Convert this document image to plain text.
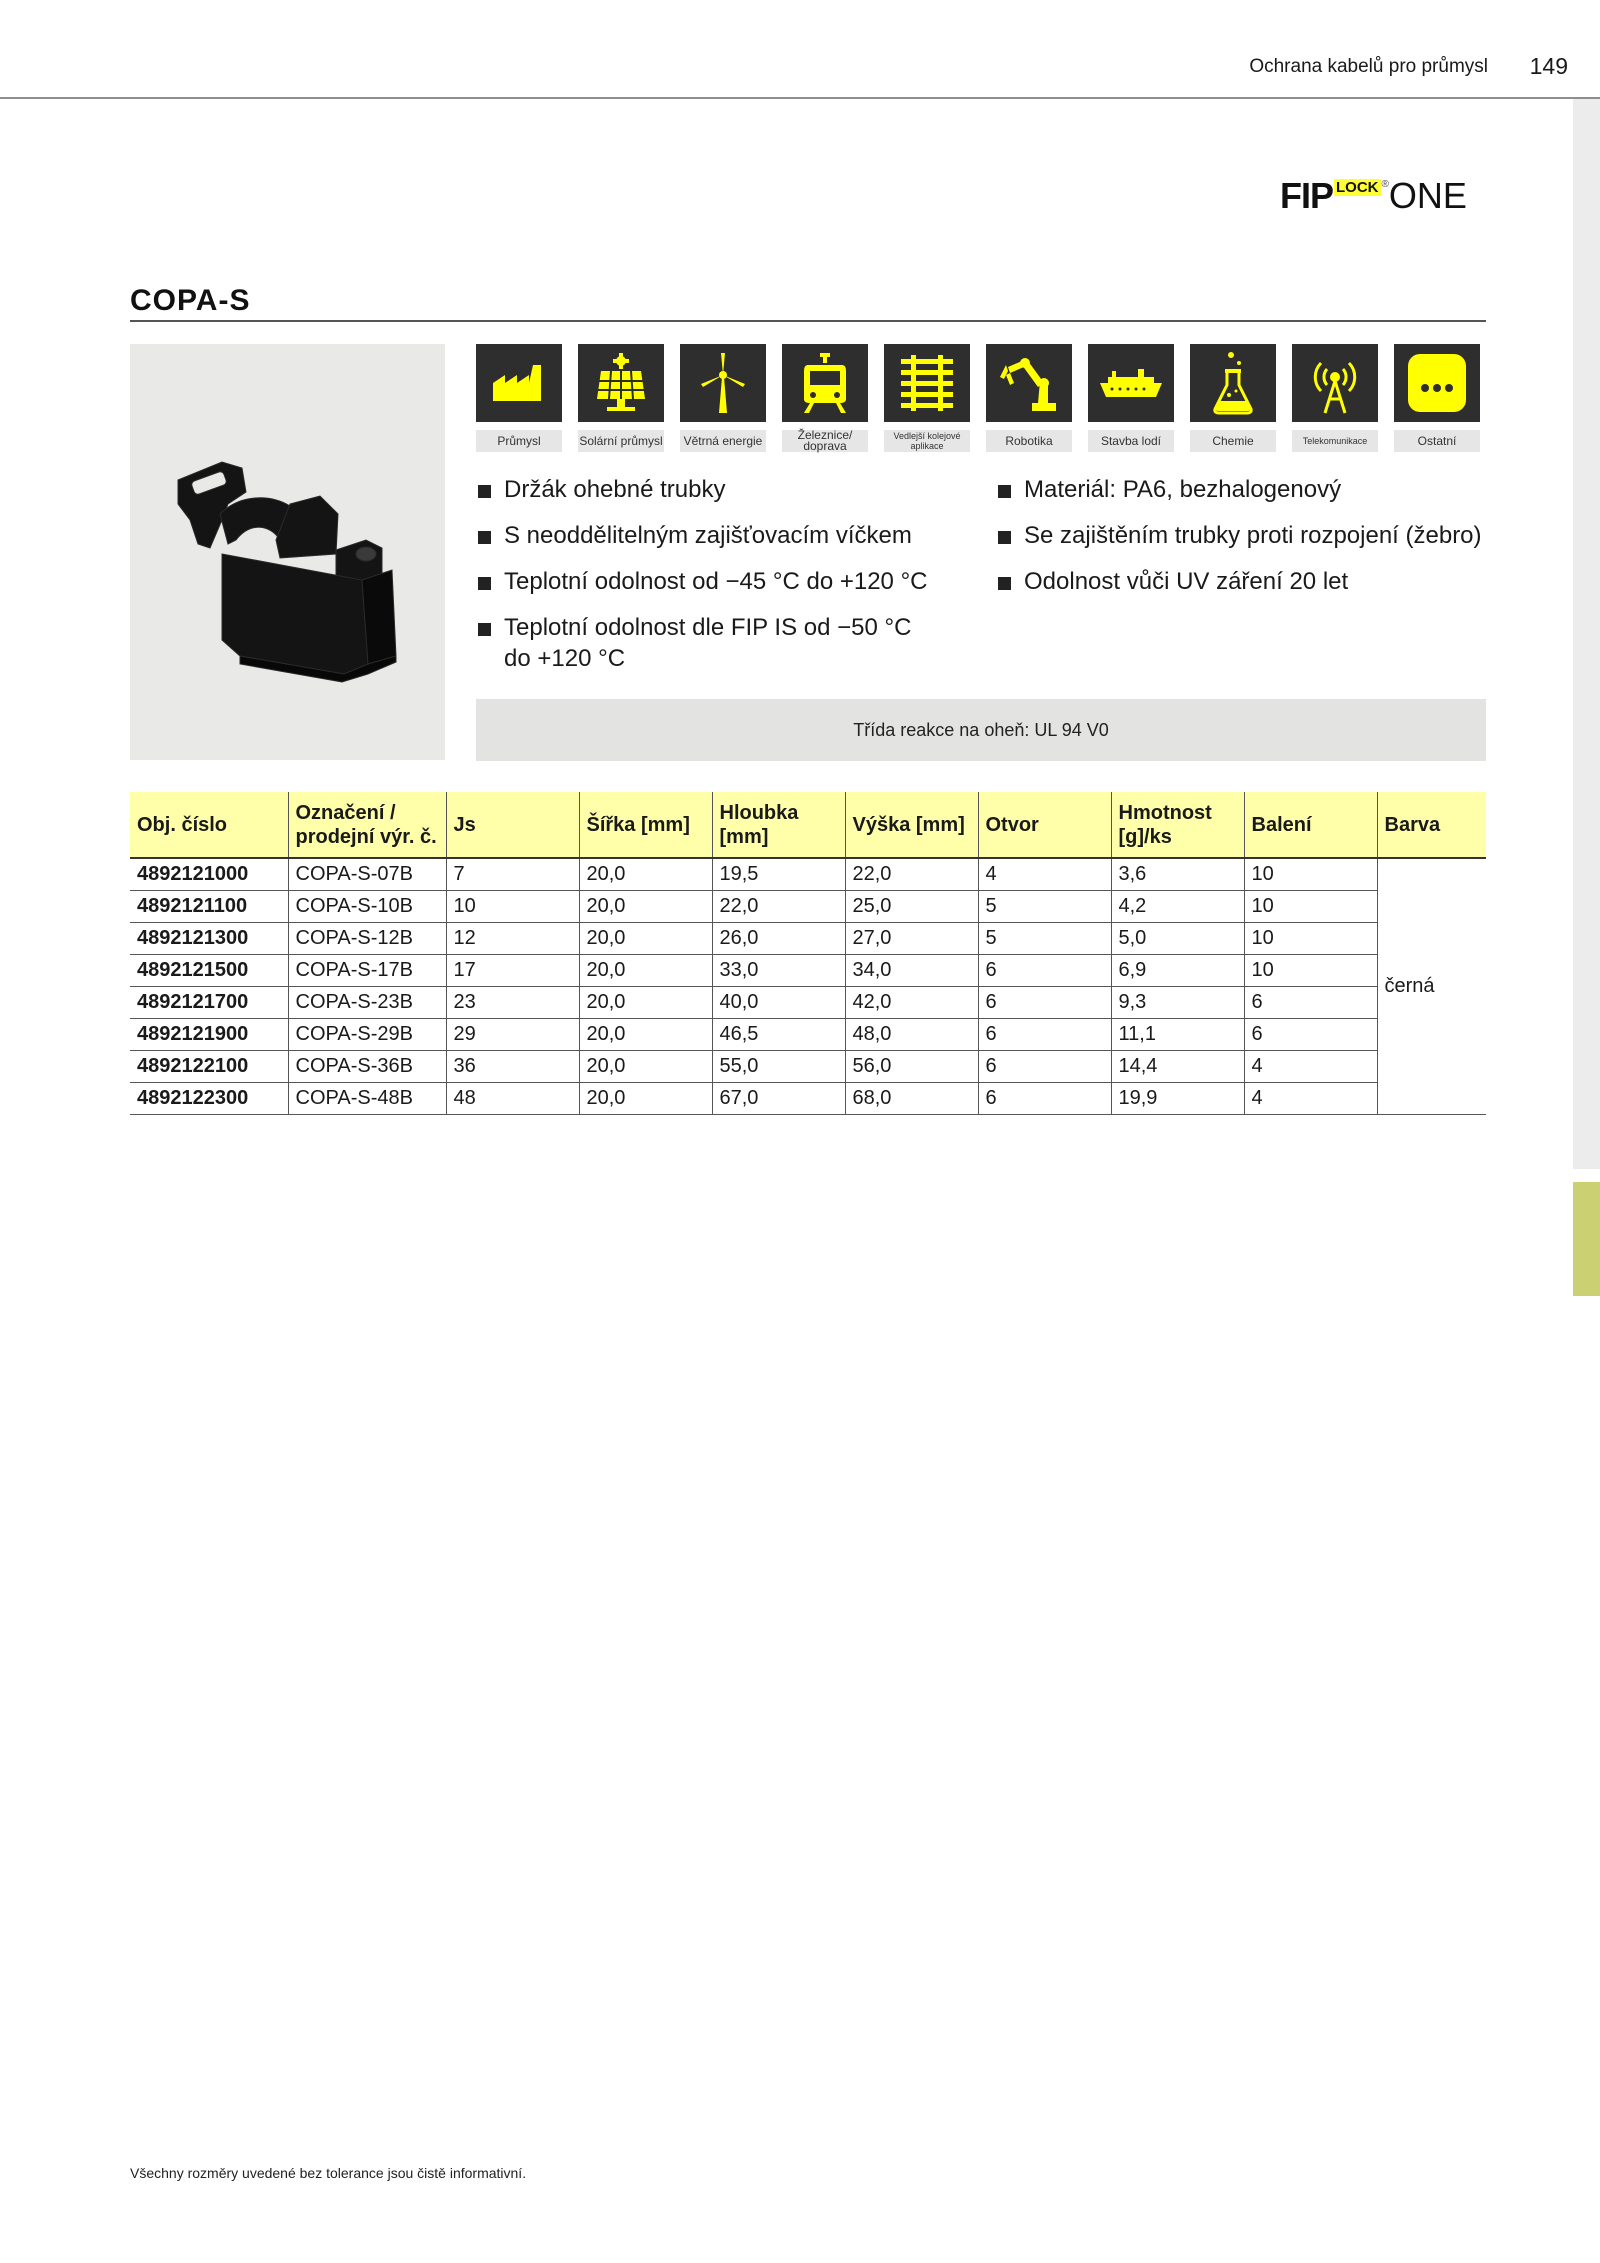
Ochrana kabelů pro průmysl	149
FIP LOCK ® ONE
COPA-S
Průmysl	Solární průmysl	Větrná energie	Železnice/ doprava
Vedlejší kolejové aplikace	Robotika	Stavba lodí	Chemie	Telekomunikace	Ostatní
Držák ohebné trubky
S neoddělitelným zajišťovacím víčkem
Teplotní odolnost od −45 °C do +120 °C
Teplotní odolnost dle FIP IS od −50 °C do +120 °C
Materiál: PA6, bezhalogenový
Se zajištěním trubky proti rozpojení (žebro)
Odolnost vůči UV záření 20 let
Třída reakce na oheň: UL 94 V0
Obj. číslo	Označení / prodejní výr. č.	Js	Šířka [mm]	Hloubka [mm]	Výška [mm]	Otvor	Hmotnost [g]/ks	Balení	Barva
4892121000	COPA-S-07B	7	20,0	19,5	22,0	4	3,6	10	černá
4892121100	COPA-S-10B	10	20,0	22,0	25,0	5	4,2	10	
4892121300	COPA-S-12B	12	20,0	26,0	27,0	5	5,0	10	
4892121500	COPA-S-17B	17	20,0	33,0	34,0	6	6,9	10	
4892121700	COPA-S-23B	23	20,0	40,0	42,0	6	9,3	6	
4892121900	COPA-S-29B	29	20,0	46,5	48,0	6	11,1	6	
4892122100	COPA-S-36B	36	20,0	55,0	56,0	6	14,4	4	
4892122300	COPA-S-48B	48	20,0	67,0	68,0	6	19,9	4	
Všechny rozměry uvedené bez tolerance jsou čistě informativní.
